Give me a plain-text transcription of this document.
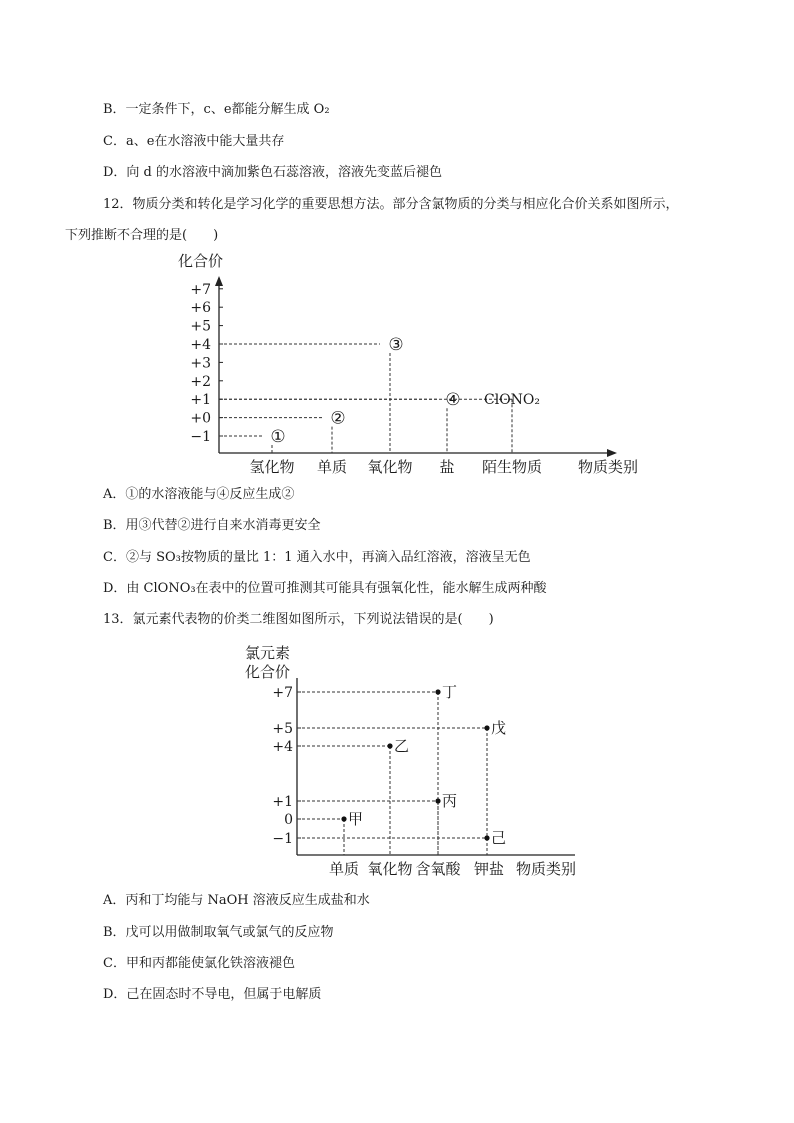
B．一定条件下，c、e都能分解生成 O₂
C．a、e在水溶液中能大量共存
D．向 d 的水溶液中滴加紫色石蕊溶液，溶液先变蓝后褪色
12．物质分类和转化是学习化学的重要思想方法。部分含氯物质的分类与相应化合价关系如图所示，
下列推断不合理的是(　　)
化合价
物质类别
+7
+6
+5
+4
+3
+2
+1
+0
−1
氢化物 单质 氧化物 盐 陌生物质
①
②
③
④ ClONO₂
A．①的水溶液能与④反应生成②
B．用③代替②进行自来水消毒更安全
C．②与 SO₃按物质的量比 1：1 通入水中，再滴入品红溶液，溶液呈无色
D．由 ClONO₃在表中的位置可推测其可能具有强氧化性，能水解生成两种酸
13．氯元素代表物的价类二维图如图所示，下列说法错误的是(　　)
氯元素
化合价
物质类别
+7
+5
+4
+1
0
−1
单质 氧化物 含氧酸 钾盐
甲
乙
丁
丙
戊
己
A．丙和丁均能与 NaOH 溶液反应生成盐和水
B．戊可以用做制取氧气或氯气的反应物
C．甲和丙都能使氯化铁溶液褪色
D．己在固态时不导电，但属于电解质
